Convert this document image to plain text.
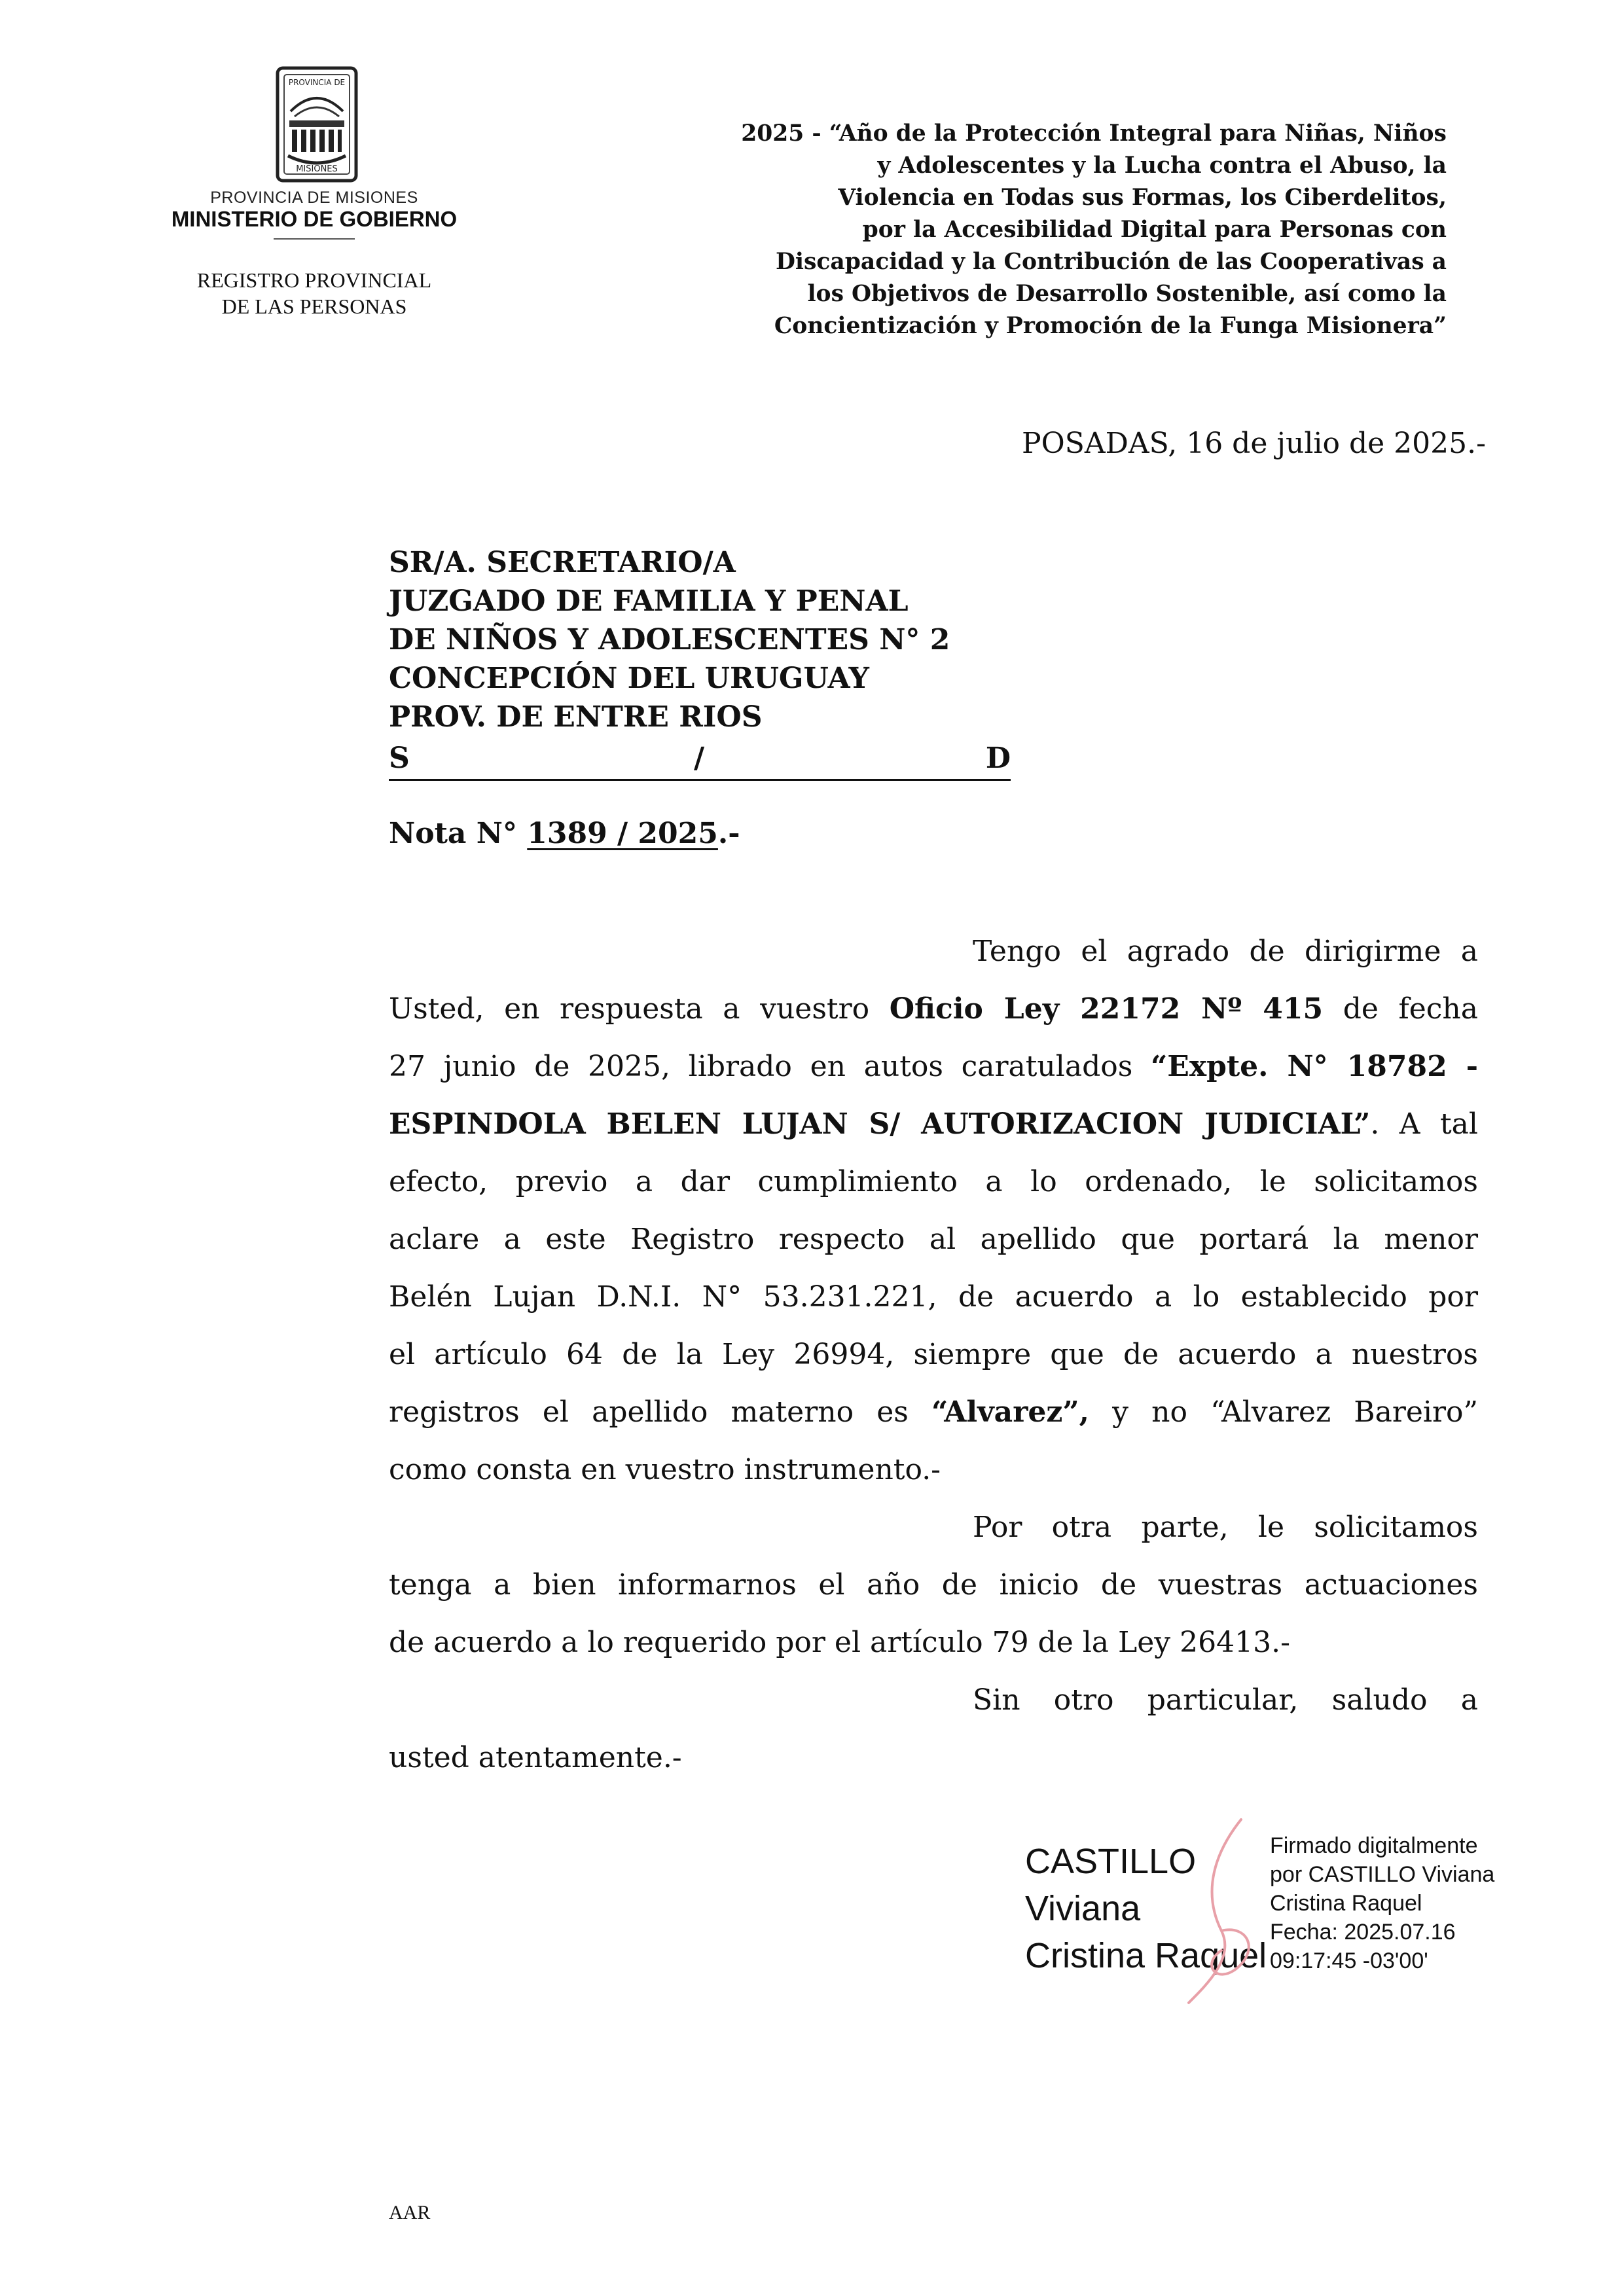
PROVINCIA DE
MISIONES
PROVINCIA DE MISIONES
MINISTERIO DE GOBIERNO
REGISTRO PROVINCIAL
DE LAS PERSONAS
2025 - “Año de la Protección Integral para Niñas, Niños
y Adolescentes y la Lucha contra el Abuso, la
Violencia en Todas sus Formas, los Ciberdelitos,
por la Accesibilidad Digital para Personas con
Discapacidad y la Contribución de las Cooperativas a
los Objetivos de Desarrollo Sostenible, así como la
Concientización y Promoción de la Funga Misionera”
POSADAS, 16 de julio de 2025.-
SR/A. SECRETARIO/A
JUZGADO DE FAMILIA Y PENAL
DE NIÑOS Y ADOLESCENTES N° 2
CONCEPCIÓN DEL URUGUAY
PROV. DE ENTRE RIOS
S	/	D
Nota N° 1389 / 2025.-
Tengo el agrado de dirigirme a
Usted, en respuesta a vuestro Oficio Ley 22172 Nº 415 de fecha
27 junio de 2025, librado en autos caratulados “Expte. N° 18782 -
ESPINDOLA BELEN LUJAN S/ AUTORIZACION JUDICIAL”. A tal
efecto, previo a dar cumplimiento a lo ordenado, le solicitamos
aclare a este Registro respecto al apellido que portará la menor
Belén Lujan D.N.I. N° 53.231.221, de acuerdo a lo establecido por
el artículo 64 de la Ley 26994, siempre que de acuerdo a nuestros
registros el apellido materno es “Alvarez”, y no “Alvarez Bareiro”
como consta en vuestro instrumento.-
Por otra parte, le solicitamos
tenga a bien informarnos el año de inicio de vuestras actuaciones
de acuerdo a lo requerido por el artículo 79 de la Ley 26413.-
Sin otro particular, saludo a
usted atentamente.-
CASTILLO
Viviana
Cristina Raquel
Firmado digitalmente
por CASTILLO Viviana
Cristina Raquel
Fecha: 2025.07.16
09:17:45 -03'00'
AAR
